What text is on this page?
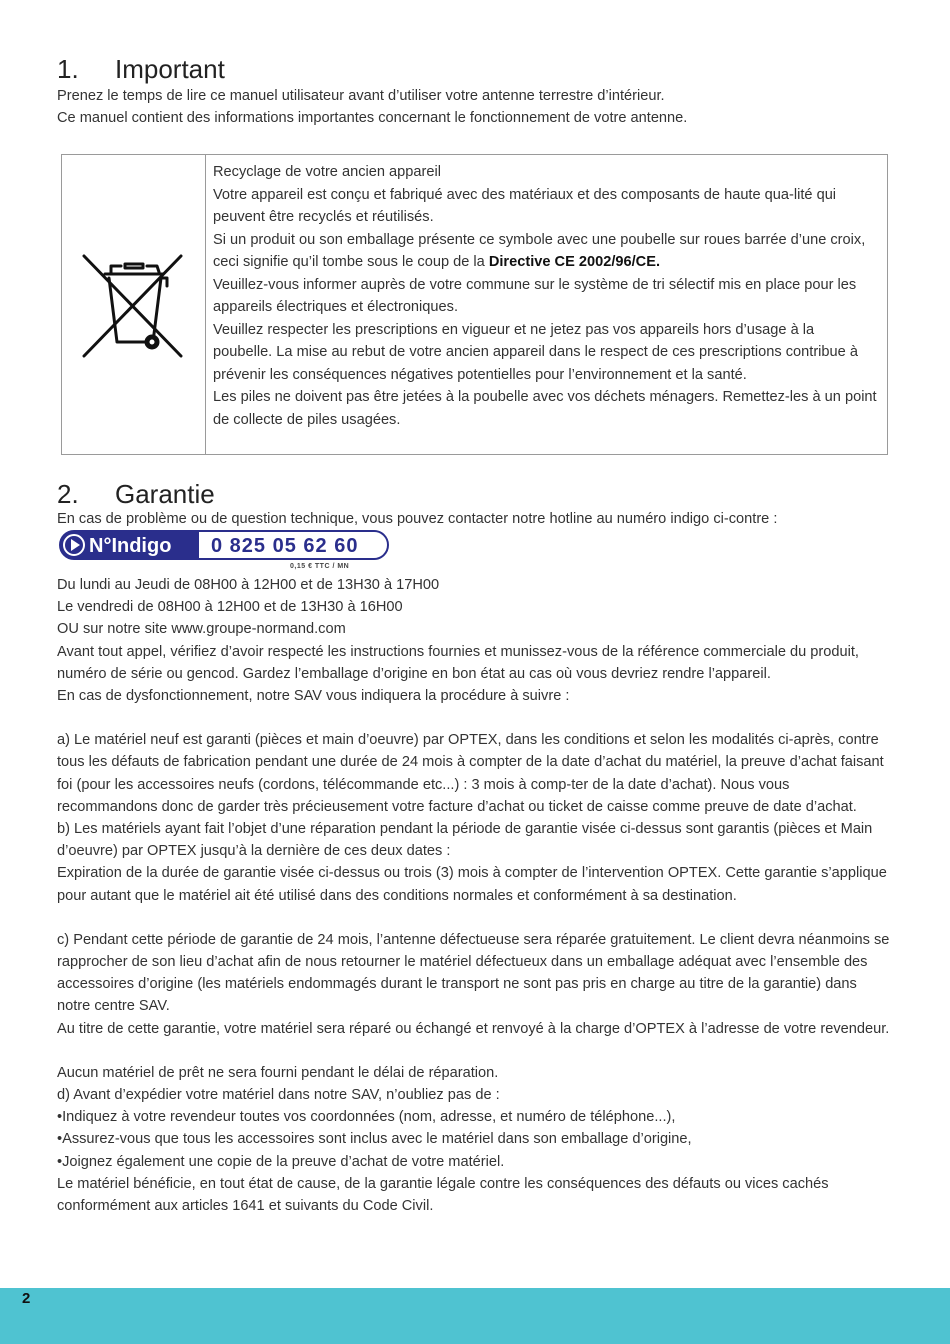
1. Important
Prenez le temps de lire ce manuel utilisateur avant d’utiliser votre antenne terrestre d’intérieur.
Ce manuel contient des informations importantes concernant le fonctionnement de votre antenne.
Recyclage de votre ancien appareil
Votre appareil est conçu et fabriqué avec des matériaux et des composants de haute qua-lité qui peuvent être recyclés et réutilisés.
Si un produit ou son emballage présente ce symbole avec une poubelle sur roues barrée d’une croix, ceci signifie qu’il tombe sous le coup de la Directive CE 2002/96/CE.
Veuillez-vous informer auprès de votre commune sur le système de tri sélectif mis en place pour les appareils électriques et électroniques.
Veuillez respecter les prescriptions en vigueur et ne jetez pas vos appareils hors d’usage à la poubelle. La mise au rebut de votre ancien appareil dans le respect de ces prescriptions contribue à prévenir les conséquences négatives potentielles pour l’environnement et la santé.
Les piles ne doivent pas être jetées à la poubelle avec vos déchets ménagers. Remettez-les à un point de collecte de piles usagées.
2. Garantie
En cas de problème ou de question technique, vous pouvez contacter notre hotline au numéro indigo ci-contre :
N°Indigo 0 825 05 62 60
0,15 € TTC / MN
Du lundi au Jeudi de 08H00 à 12H00 et de 13H30 à 17H00
Le vendredi de 08H00 à 12H00 et de 13H30 à 16H00
OU sur notre site www.groupe-normand.com
Avant tout appel, vérifiez d’avoir respecté les instructions fournies et munissez-vous de la référence commerciale du produit, numéro de série ou gencod. Gardez l’emballage d’origine en bon état au cas où vous devriez rendre l’appareil.
En cas de dysfonctionnement, notre SAV vous indiquera la procédure à suivre :
a) Le matériel neuf est garanti (pièces et main d’oeuvre) par OPTEX, dans les conditions et selon les modalités ci-après, contre tous les défauts de fabrication pendant une durée de 24 mois à compter de la date d’achat du matériel, la preuve d’achat faisant foi (pour les accessoires neufs (cordons, télécommande etc...) : 3 mois à comp-ter de la date d’achat). Nous vous recommandons donc de garder très précieusement votre facture d’achat ou ticket de caisse comme preuve de date d’achat.
b) Les matériels ayant fait l’objet d’une réparation pendant la période de garantie visée ci-dessus sont garantis (pièces et Main d’oeuvre) par OPTEX jusqu’à la dernière de ces deux dates :
Expiration de la durée de garantie visée ci-dessus ou trois (3) mois à compter de l’intervention OPTEX. Cette garantie s’applique pour autant que le matériel ait été utilisé dans des conditions normales et conformément à sa destination.
c) Pendant cette période de garantie de 24 mois, l’antenne défectueuse sera réparée gratuitement. Le client devra néanmoins se rapprocher de son lieu d’achat afin de nous retourner le matériel défectueux dans un emballage adéquat avec l’ensemble des accessoires d’origine (les matériels endommagés durant le transport ne sont pas pris en charge au titre de la garantie) dans notre centre SAV.
Au titre de cette garantie, votre matériel sera réparé ou échangé et renvoyé à la charge d’OPTEX à l’adresse de votre revendeur.
Aucun matériel de prêt ne sera fourni pendant le délai de réparation.
d) Avant d’expédier votre matériel dans notre SAV, n’oubliez pas de :
•Indiquez à votre revendeur toutes vos coordonnées (nom, adresse, et numéro de téléphone...),
•Assurez-vous que tous les accessoires sont inclus avec le matériel dans son emballage d’origine,
•Joignez également une copie de la preuve d’achat de votre matériel.
Le matériel bénéficie, en tout état de cause, de la garantie légale contre les conséquences des défauts ou vices cachés conformément aux articles 1641 et suivants du Code Civil.
2
